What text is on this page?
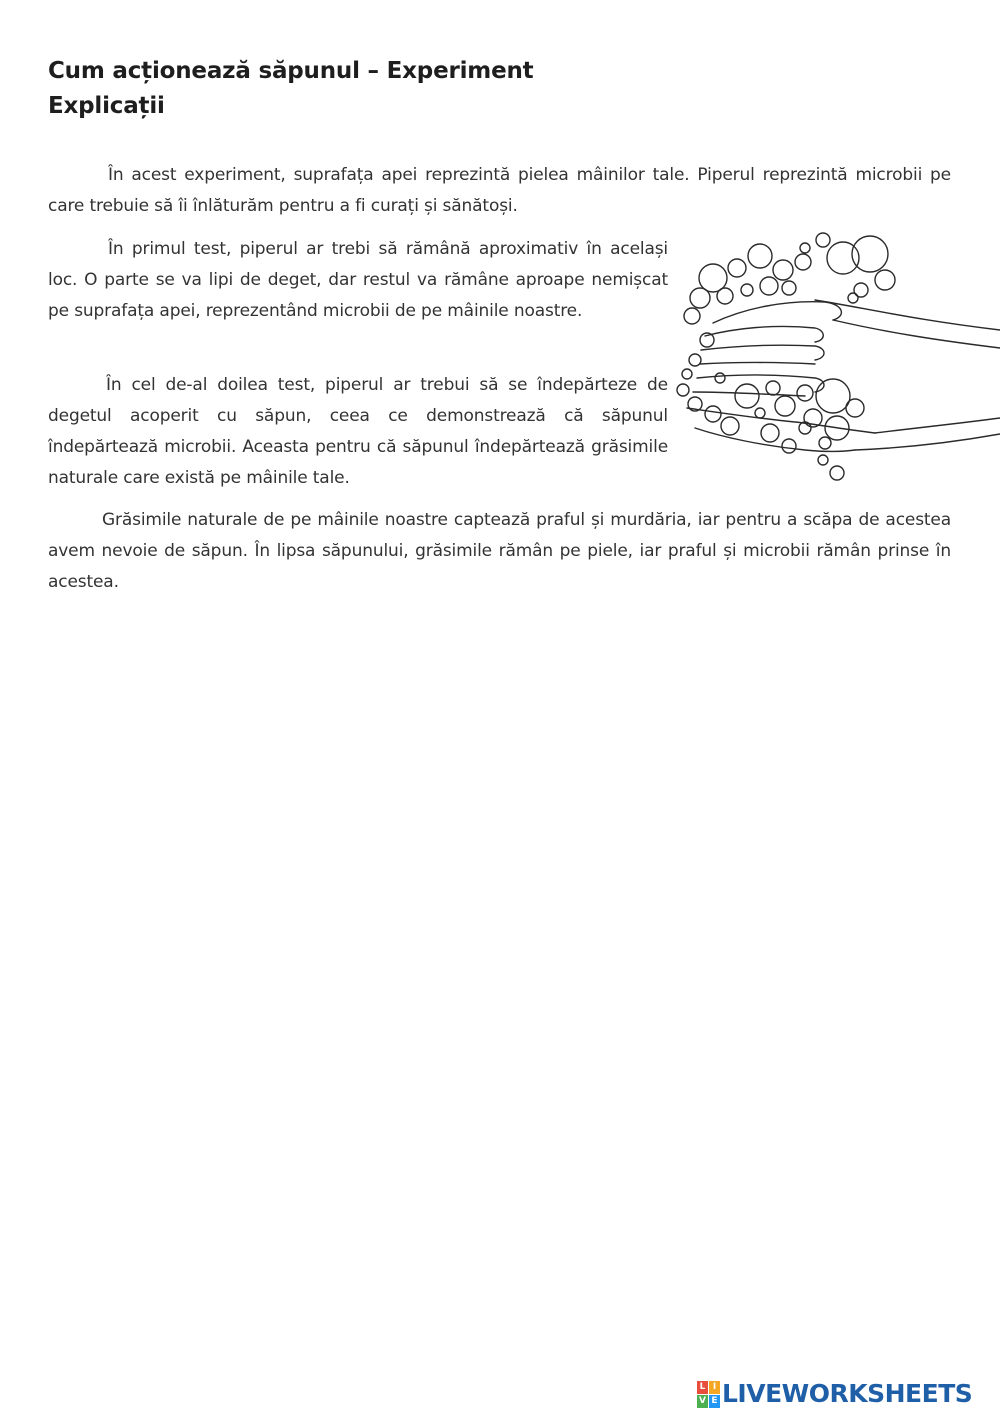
Cum acționează săpunul – Experiment
Explicații

În acest experiment, suprafața apei reprezintă pielea mâinilor tale. Piperul reprezintă microbii pe care trebuie să îi înlăturăm pentru a fi curați și sănătoși.

În primul test, piperul ar trebi să rămână aproximativ în același loc. O parte se va lipi de deget, dar restul va rămâne aproape nemișcat pe suprafața apei, reprezentând microbii de pe mâinile noastre.

În cel de-al doilea test, piperul ar trebui să se îndepărteze de degetul acoperit cu săpun, ceea ce demonstrează că săpunul îndepărtează microbii. Aceasta pentru că săpunul îndepărtează grăsimile naturale care există pe mâinile tale.

Grăsimile naturale de pe mâinile noastre captează praful și murdăria, iar pentru a scăpa de acestea avem nevoie de săpun. În lipsa săpunului, grăsimile rămân pe piele, iar praful și microbii rămân prinse în acestea.

L I
V E LIVEWORKSHEETS
